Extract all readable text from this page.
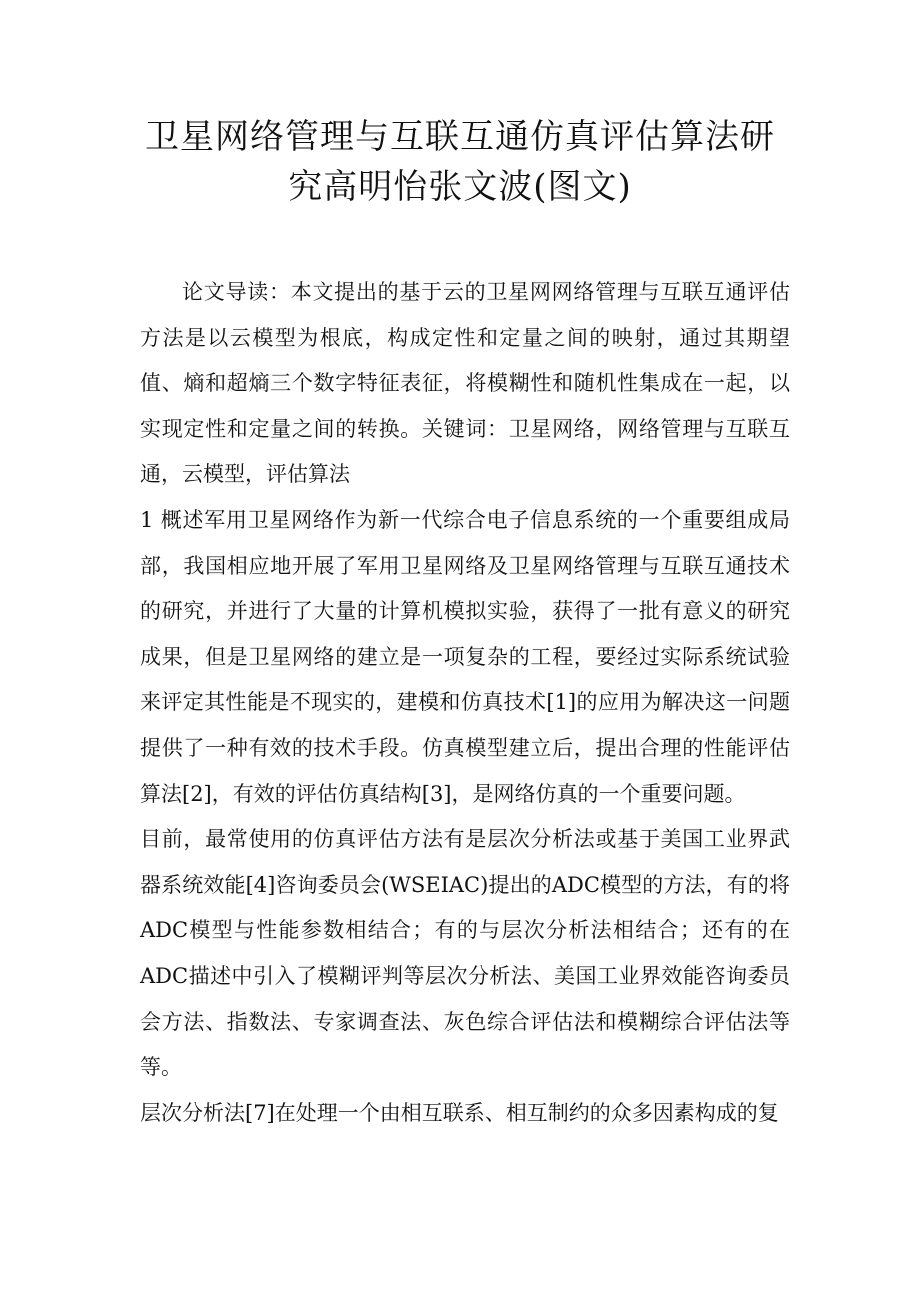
卫星网络管理与互联互通仿真评估算法研
究高明怡张文波(图文)

论文导读：本文提出的基于云的卫星网网络管理与互联互通评估方法是以云模型为根底，构成定性和定量之间的映射，通过其期望值、熵和超熵三个数字特征表征，将模糊性和随机性集成在一起，以实现定性和定量之间的转换。关键词：卫星网络，网络管理与互联互通，云模型，评估算法

1 概述军用卫星网络作为新一代综合电子信息系统的一个重要组成局部，我国相应地开展了军用卫星网络及卫星网络管理与互联互通技术的研究，并进行了大量的计算机模拟实验，获得了一批有意义的研究成果，但是卫星网络的建立是一项复杂的工程，要经过实际系统试验来评定其性能是不现实的，建模和仿真技术[1]的应用为解决这一问题提供了一种有效的技术手段。仿真模型建立后，提出合理的性能评估算法[2]，有效的评估仿真结构[3]，是网络仿真的一个重要问题。

目前，最常使用的仿真评估方法有是层次分析法或基于美国工业界武器系统效能[4]咨询委员会(WSEIAC)提出的ADC模型的方法，有的将ADC模型与性能参数相结合；有的与层次分析法相结合；还有的在ADC描述中引入了模糊评判等层次分析法、美国工业界效能咨询委员会方法、指数法、专家调查法、灰色综合评估法和模糊综合评估法等等。

层次分析法[7]在处理一个由相互联系、相互制约的众多因素构成的复
